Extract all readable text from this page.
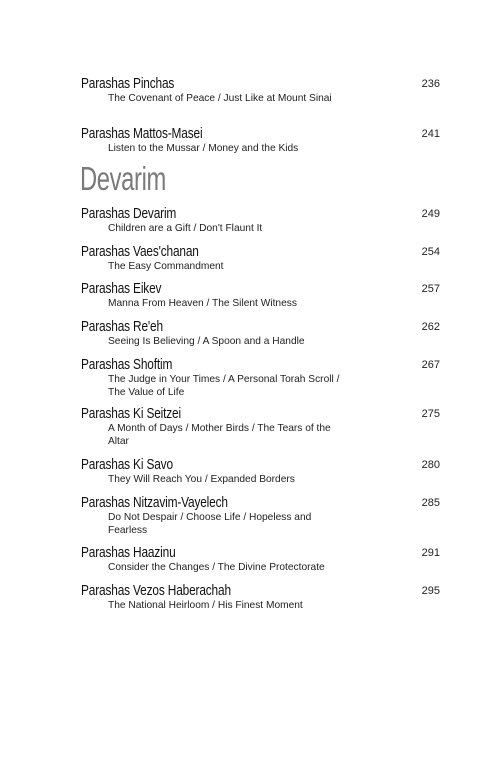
Parashas Pinchas
The Covenant of Peace / Just Like at Mount Sinai
236
Parashas Mattos-Masei
Listen to the Mussar / Money and the Kids
241
Devarim
Parashas Devarim
Children are a Gift / Don't Flaunt It
249
Parashas Vaes'chanan
The Easy Commandment
254
Parashas Eikev
Manna From Heaven / The Silent Witness
257
Parashas Re'eh
Seeing Is Believing / A Spoon and a Handle
262
Parashas Shoftim
The Judge in Your Times / A Personal Torah Scroll / The Value of Life
267
Parashas Ki Seitzei
A Month of Days / Mother Birds / The Tears of the Altar
275
Parashas Ki Savo
They Will Reach You / Expanded Borders
280
Parashas Nitzavim-Vayelech
Do Not Despair / Choose Life / Hopeless and Fearless
285
Parashas Haazinu
Consider the Changes / The Divine Protectorate
291
Parashas Vezos Haberachah
The National Heirloom / His Finest Moment
295
